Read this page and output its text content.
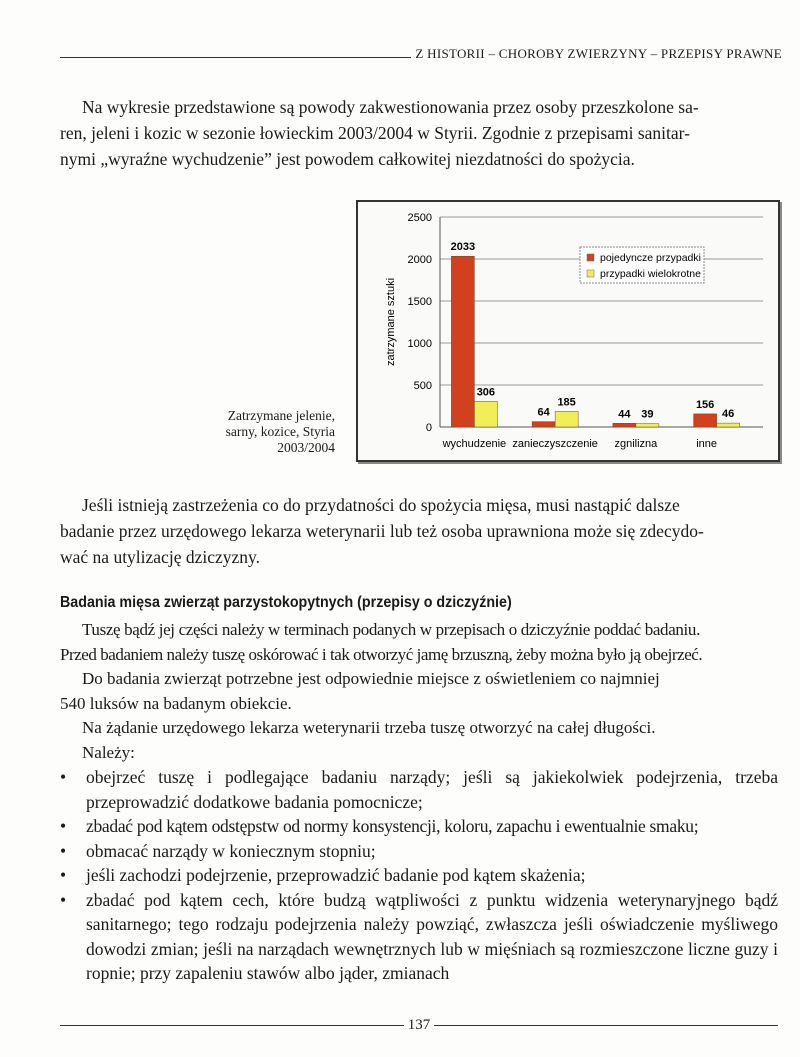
Z HISTORII – CHOROBY ZWIERZYNY – PRZEPISY PRAWNE
Na wykresie przedstawione są powody zakwestionowania przez osoby przeszkolone sa-
ren, jeleni i kozic w sezonie łowieckim 2003/2004 w Styrii. Zgodnie z przepisami sanitar-
nymi „wyraźne wychudzenie” jest powodem całkowitej niezdatności do spożycia.
Zatrzymane jelenie,
sarny, kozice, Styria
2003/2004
0
500
1000
1500
2000
2500
zatrzymane sztuki
wychudzenie
2033
306
zanieczyszczenie
64
185
zgnilizna
44 39
inne
156
46
pojedyncze przypadki
przypadki wielokrotne
Jeśli istnieją zastrzeżenia co do przydatności do spożycia mięsa, musi nastąpić dalsze
badanie przez urzędowego lekarza weterynarii lub też osoba uprawniona może się zdecydo-
wać na utylizację dziczyzny.
Badania mięsa zwierząt parzystokopytnych (przepisy o dziczyźnie)
Tuszę bądź jej części należy w terminach podanych w przepisach o dziczyźnie poddać badaniu.
Przed badaniem należy tuszę oskórować i tak otworzyć jamę brzuszną, żeby można było ją obejrzeć.
Do badania zwierząt potrzebne jest odpowiednie miejsce z oświetleniem co najmniej
540 luksów na badanym obiekcie.
Na żądanie urzędowego lekarza weterynarii trzeba tuszę otworzyć na całej długości.
Należy:
• obejrzeć tuszę i podlegające badaniu narządy; jeśli są jakiekolwiek podejrzenia, trzeba przeprowadzić dodatkowe badania pomocnicze;
• zbadać pod kątem odstępstw od normy konsystencji, koloru, zapachu i ewentualnie smaku;
• obmacać narządy w koniecznym stopniu;
• jeśli zachodzi podejrzenie, przeprowadzić badanie pod kątem skażenia;
• zbadać pod kątem cech, które budzą wątpliwości z punktu widzenia weterynaryjnego bądź sanitarnego; tego rodzaju podejrzenia należy powziąć, zwłaszcza jeśli oświadczenie myśliwego dowodzi zmian; jeśli na narządach wewnętrznych lub w mięśniach są rozmieszczone liczne guzy i ropnie; przy zapaleniu stawów albo jąder, zmianach
137
